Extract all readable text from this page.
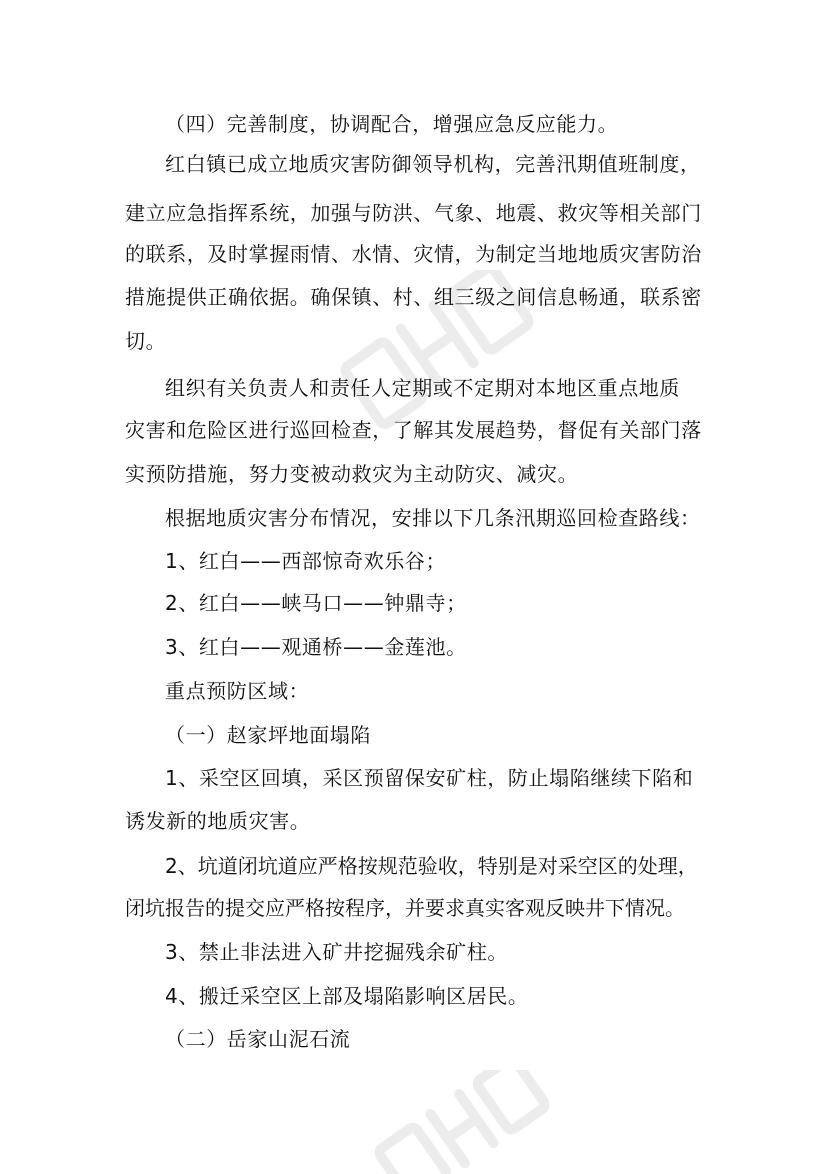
（四）完善制度，协调配合，增强应急反应能力。
红白镇已成立地质灾害防御领导机构，完善汛期值班制度，
建立应急指挥系统，加强与防洪、气象、地震、救灾等相关部门
的联系，及时掌握雨情、水情、灾情，为制定当地地质灾害防治
措施提供正确依据。确保镇、村、组三级之间信息畅通，联系密
切。
组织有关负责人和责任人定期或不定期对本地区重点地质
灾害和危险区进行巡回检查，了解其发展趋势，督促有关部门落
实预防措施，努力变被动救灾为主动防灾、减灾。
根据地质灾害分布情况，安排以下几条汛期巡回检查路线：
1、红白——西部惊奇欢乐谷；
2、红白——峡马口——钟鼎寺；
3、红白——观通桥——金莲池。
重点预防区域：
（一）赵家坪地面塌陷
1、采空区回填，采区预留保安矿柱，防止塌陷继续下陷和
诱发新的地质灾害。
2、坑道闭坑道应严格按规范验收，特别是对采空区的处理，
闭坑报告的提交应严格按程序，并要求真实客观反映井下情况。
3、禁止非法进入矿井挖掘残余矿柱。
4、搬迁采空区上部及塌陷影响区居民。
（二）岳家山泥石流
